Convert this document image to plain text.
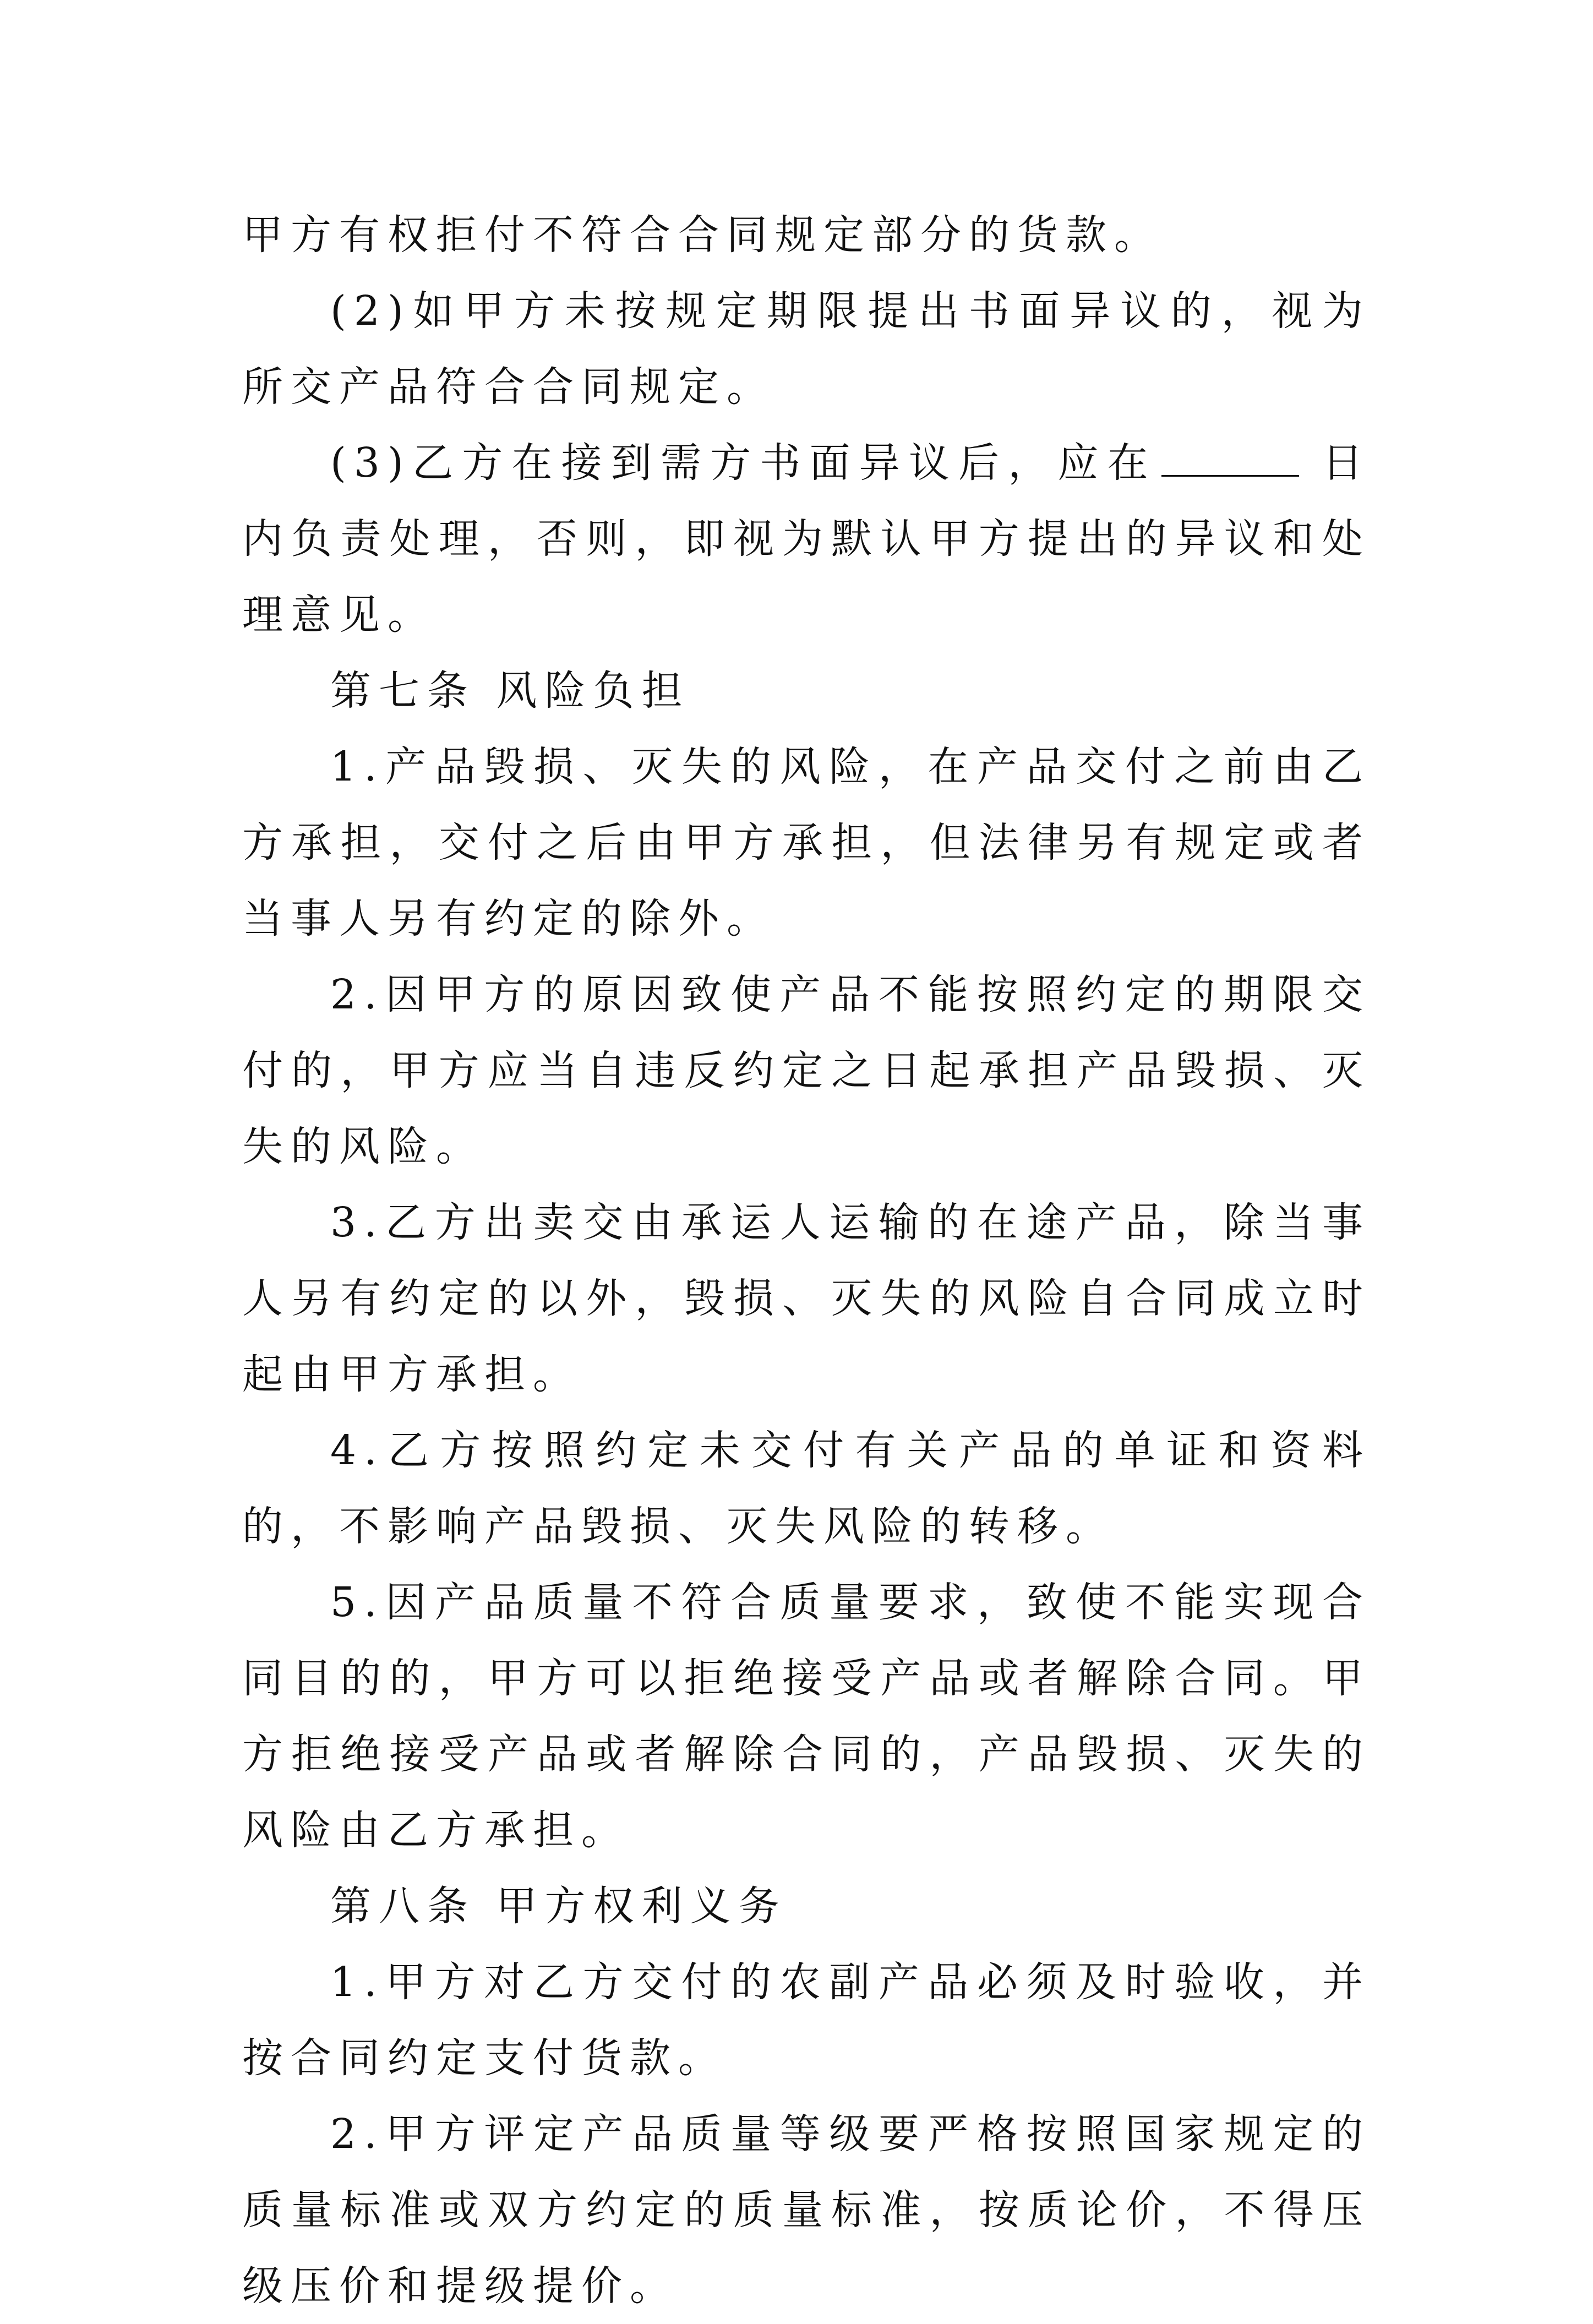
甲方有权拒付不符合合同规定部分的货款。

(2)如甲方未按规定期限提出书面异议的，视为所交产品符合合同规定。

(3)乙方在接到需方书面异议后，应在	日内负责处理，否则，即视为默认甲方提出的异议和处理意见。

第七条 风险负担

1.产品毁损、灭失的风险，在产品交付之前由乙方承担，交付之后由甲方承担，但法律另有规定或者当事人另有约定的除外。

2.因甲方的原因致使产品不能按照约定的期限交付的，甲方应当自违反约定之日起承担产品毁损、灭失的风险。

3.乙方出卖交由承运人运输的在途产品，除当事人另有约定的以外，毁损、灭失的风险自合同成立时起由甲方承担。

4.乙方按照约定未交付有关产品的单证和资料的，不影响产品毁损、灭失风险的转移。

5.因产品质量不符合质量要求，致使不能实现合同目的的，甲方可以拒绝接受产品或者解除合同。甲方拒绝接受产品或者解除合同的，产品毁损、灭失的风险由乙方承担。

第八条 甲方权利义务

1.甲方对乙方交付的农副产品必须及时验收，并按合同约定支付货款。

2.甲方评定产品质量等级要严格按照国家规定的质量标准或双方约定的质量标准，按质论价，不得压级压价和提级提价。
